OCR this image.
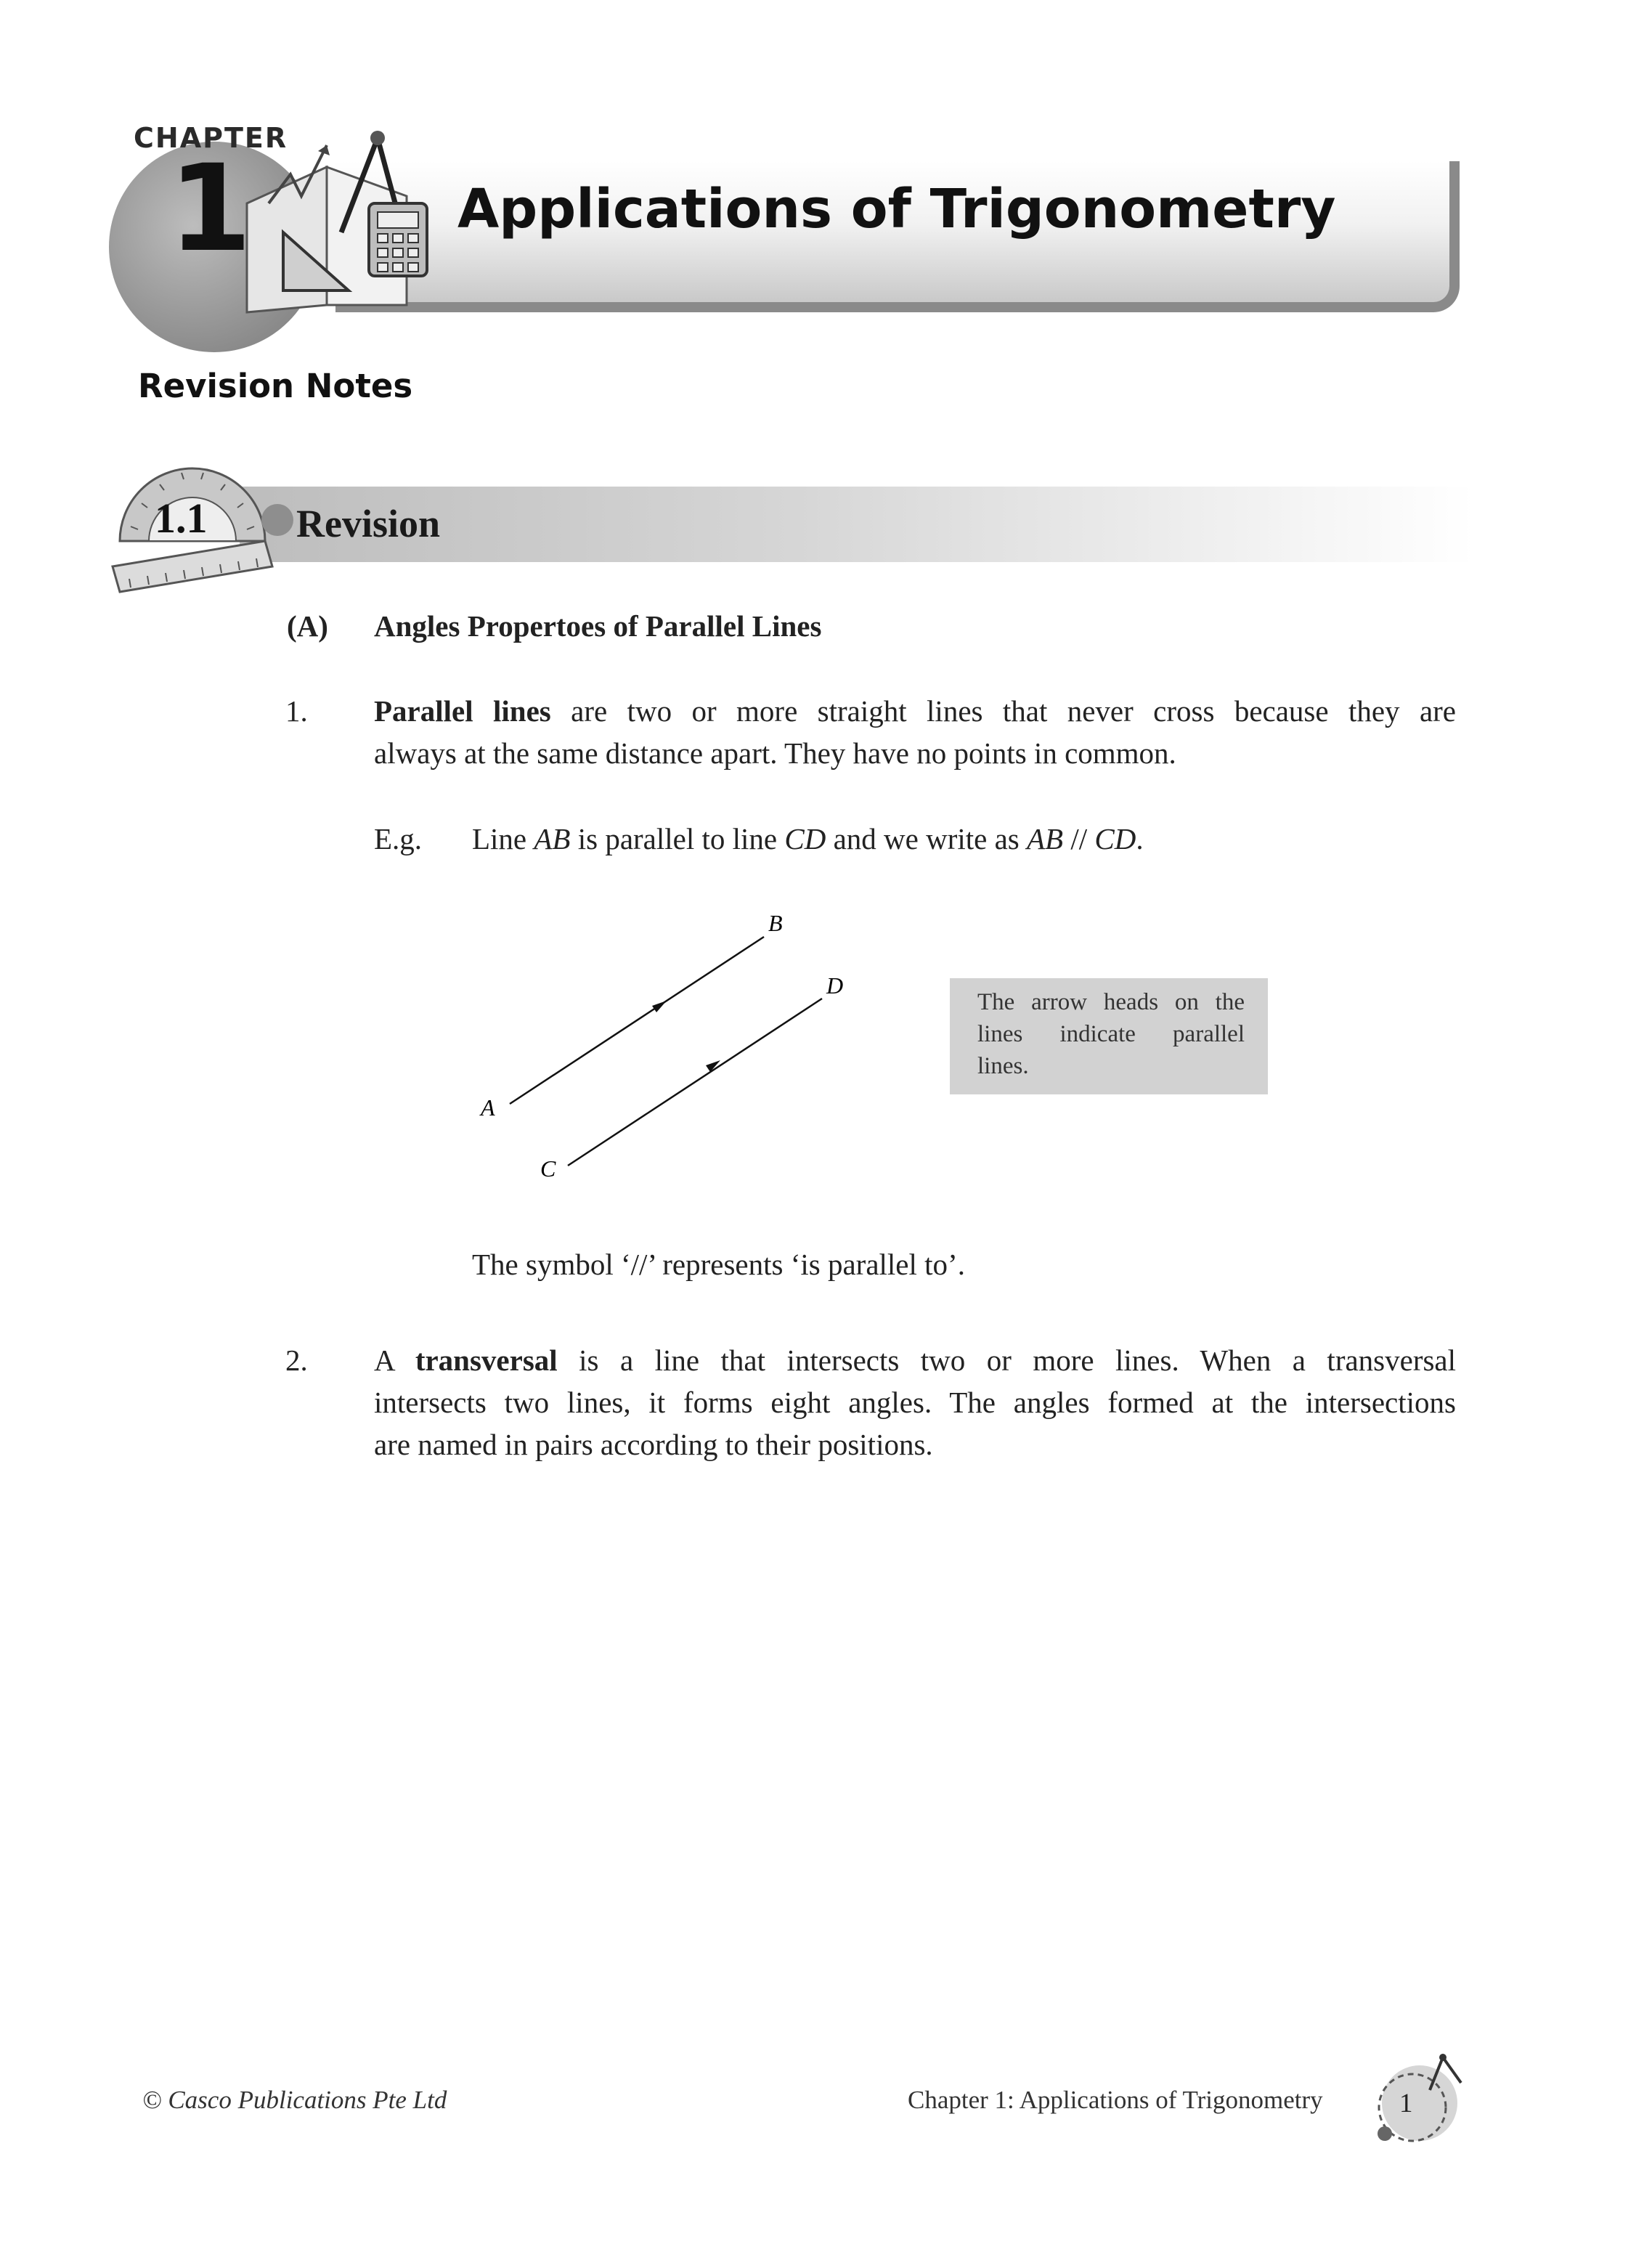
CHAPTER
1	Applications of Trigonometry
Revision Notes
1.1 Revision
(A) Angles Propertoes of Parallel Lines
1. Parallel lines are two or more straight lines that never cross because they are
always at the same distance apart. They have no points in common.
E.g. Line AB is parallel to line CD and we write as AB // CD.
A
B
C
D
The arrow heads on the
lines indicate parallel
lines.
The symbol ‘//’ represents ‘is parallel to’.
2. A transversal is a line that intersects two or more lines. When a transversal
intersects two lines, it forms eight angles. The angles formed at the intersections
are named in pairs according to their positions.
© Casco Publications Pte Ltd	Chapter 1: Applications of Trigonometry	1
